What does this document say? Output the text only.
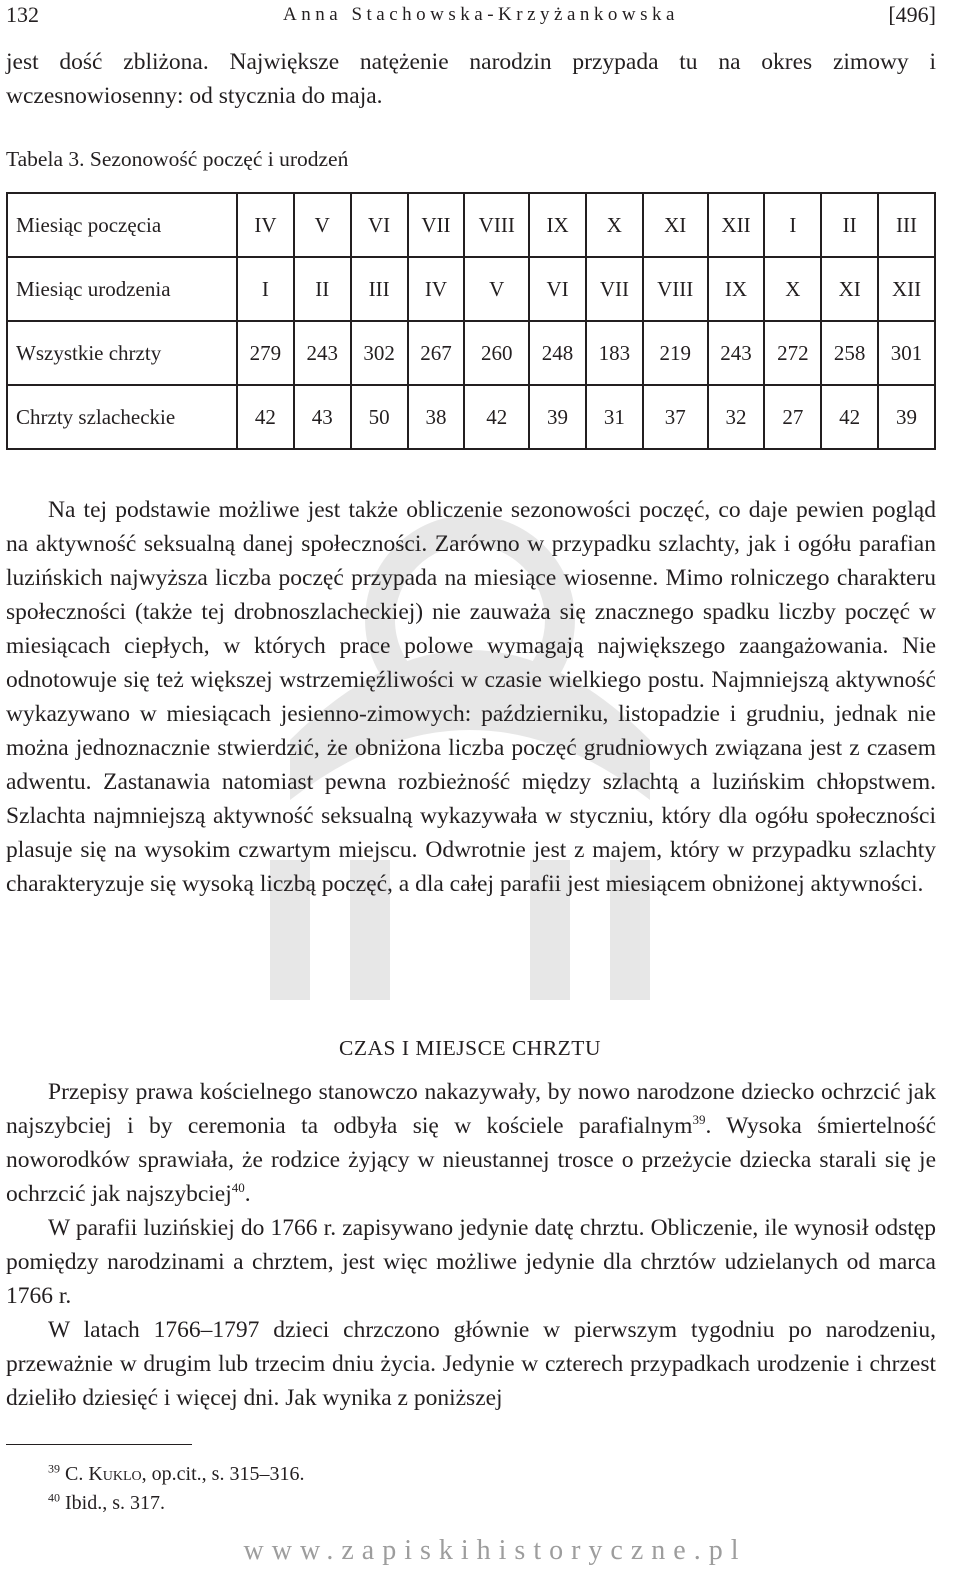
132	Anna Stachowska-Krzyżankowska	[496]
jest dość zbliżona. Największe natężenie narodzin przypada tu na okres zimowy i wczesnowiosenny: od stycznia do maja.
Tabela 3. Sezonowość poczęć i urodzeń
Miesiąc poczęcia	IV	V	VI	VII	VIII	IX	X	XI	XII	I	II	III
Miesiąc urodzenia	I	II	III	IV	V	VI	VII	VIII	IX	X	XI	XII
Wszystkie chrzty	279	243	302	267	260	248	183	219	243	272	258	301
Chrzty szlacheckie	42	43	50	38	42	39	31	37	32	27	42	39

Na tej podstawie możliwe jest także obliczenie sezonowości poczęć, co daje pewien pogląd na aktywność seksualną danej społeczności. Zarówno w przypadku szlachty, jak i ogółu parafian luzińskich najwyższa liczba poczęć przypada na miesiące wiosenne. Mimo rolniczego charakteru społeczności (także tej drobnoszlacheckiej) nie zauważa się znacznego spadku liczby poczęć w miesiącach ciepłych, w których prace polowe wymagają największego zaangażowania. Nie odnotowuje się też większej wstrzemięźliwości w czasie wielkiego postu. Najmniejszą aktywność wykazywano w miesiącach jesienno-zimowych: październiku, listopadzie i grudniu, jednak nie można jednoznacznie stwierdzić, że obniżona liczba poczęć grudniowych związana jest z czasem adwentu. Zastanawia natomiast pewna rozbieżność między szlachtą a luzińskim chłopstwem. Szlachta najmniejszą aktywność seksualną wykazywała w styczniu, który dla ogółu społeczności plasuje się na wysokim czwartym miejscu. Odwrotnie jest z majem, który w przypadku szlachty charakteryzuje się wysoką liczbą poczęć, a dla całej parafii jest miesiącem obniżonej aktywności.

CZAS I MIEJSCE CHRZTU

Przepisy prawa kościelnego stanowczo nakazywały, by nowo narodzone dziecko ochrzcić jak najszybciej i by ceremonia ta odbyła się w kościele parafialnym$^{39}$. Wysoka śmiertelność noworodków sprawiała, że rodzice żyjący w nieustannej trosce o przeżycie dziecka starali się je ochrzcić jak najszybciej$^{40}$.

W parafii luzińskiej do 1766 r. zapisywano jedynie datę chrztu. Obliczenie, ile wynosił odstęp pomiędzy narodzinami a chrztem, jest więc możliwe jedynie dla chrztów udzielanych od marca 1766 r.

W latach 1766–1797 dzieci chrzczono głównie w pierwszym tygodniu po narodzeniu, przeważnie w drugim lub trzecim dniu życia. Jedynie w czterech przypadkach urodzenie i chrzest dzieliło dziesięć i więcej dni. Jak wynika z poniższej

$^{39}$ C. Kuklo, op.cit., s. 315–316.
$^{40}$ Ibid., s. 317.
www.zapiskihistoryczne.pl
